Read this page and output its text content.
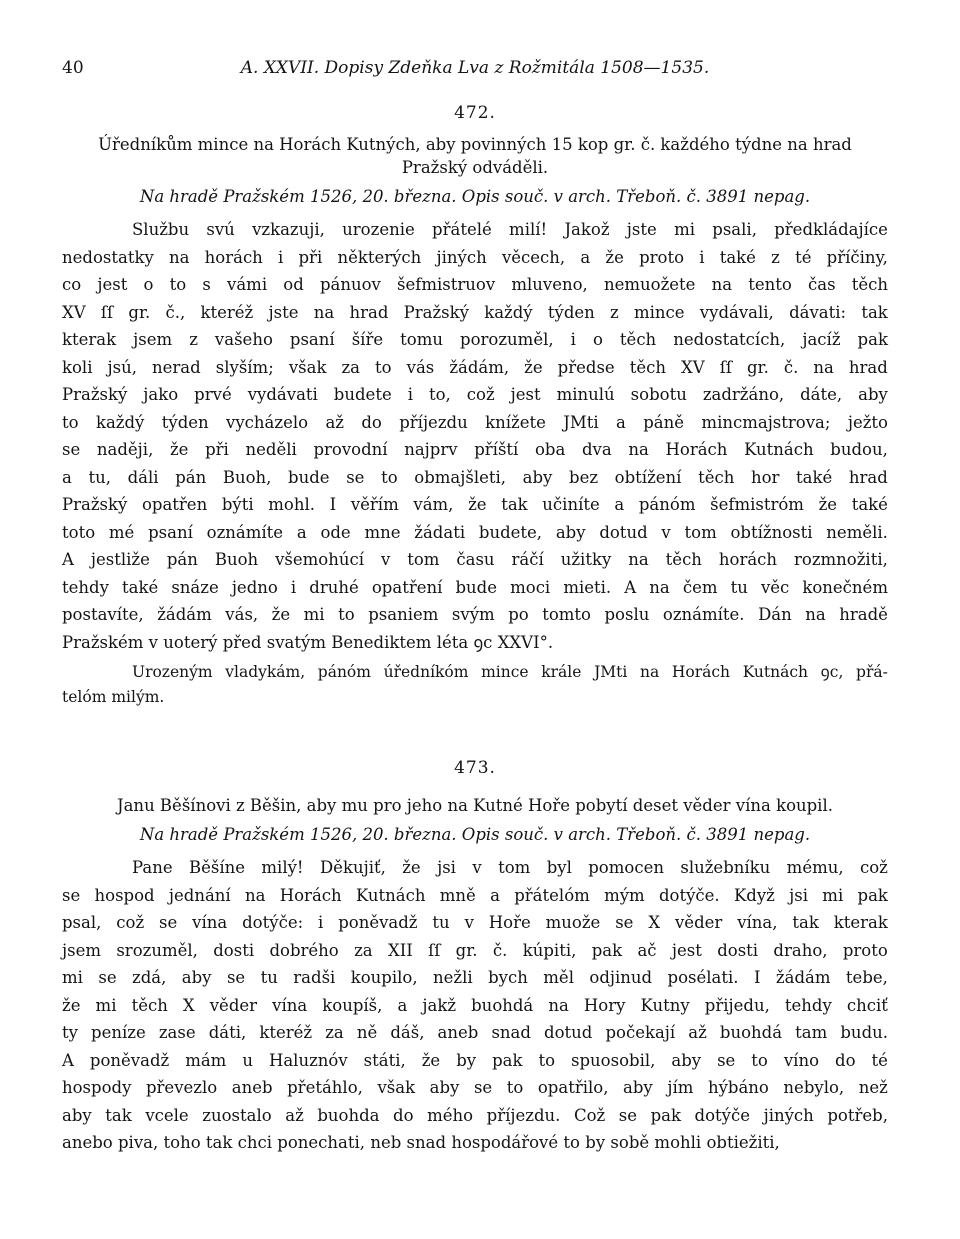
40	A. XXVII. Dopisy Zdeňka Lva z Rožmitála 1508—1535.
472.
Úředníkům mince na Horách Kutných, aby povinných 15 kop gr. č. každého týdne na hrad Pražský odváděli.
Na hradě Pražském 1526, 20. března. Opis souč. v arch. Třeboň. č. 3891 nepag.
Službu svú vzkazuji, urozenie přátelé milí! Jakož jste mi psali, předkládajíce
nedostatky na horách i při některých jiných věcech, a že proto i také z té příčiny,
co jest o to s vámi od pánuov šefmistruov mluveno, nemuožete na tento čas těch
XV ſſ gr. č., kteréž jste na hrad Pražský každý týden z mince vydávali, dávati: tak
kterak jsem z vašeho psaní šíře tomu porozuměl, i o těch nedostatcích, jacíž pak
koli jsú, nerad slyším; však za to vás žádám, že předse těch XV ſſ gr. č. na hrad
Pražský jako prvé vydávati budete i to, což jest minulú sobotu zadržáno, dáte, aby
to každý týden vycházelo až do příjezdu knížete JMti a páně mincmajstrova; ježto
se naději, že při neděli provodní najprv příští oba dva na Horách Kutnách budou,
a tu, dáli pán Buoh, bude se to obmajšleti, aby bez obtížení těch hor také hrad
Pražský opatřen býti mohl. I věřím vám, že tak učiníte a pánóm šefmistróm že také
toto mé psaní oznámíte a ode mne žádati budete, aby dotud v tom obtížnosti neměli.
A jestliže pán Buoh všemohúcí v tom času ráčí užitky na těch horách rozmnožiti,
tehdy také snáze jedno i druhé opatření bude moci mieti. A na čem tu věc konečném
postavíte, žádám vás, že mi to psaniem svým po tomto poslu oznámíte. Dán na hradě
Pražském v uoterý před svatým Benediktem léta ꝯc XXVI°.
Urozeným vladykám, pánóm úředníkóm mince krále JMti na Horách Kutnách ꝯc, přá-
telóm milým.
473.
Janu Běšínovi z Běšin, aby mu pro jeho na Kutné Hoře pobytí deset věder vína koupil.
Na hradě Pražském 1526, 20. března. Opis souč. v arch. Třeboň. č. 3891 nepag.
Pane Běšíne milý! Děkujiť, že jsi v tom byl pomocen služebníku mému, což
se hospod jednání na Horách Kutnách mně a přátelóm mým dotýče. Když jsi mi pak
psal, což se vína dotýče: i poněvadž tu v Hoře muože se X věder vína, tak kterak
jsem srozuměl, dosti dobrého za XII ſſ gr. č. kúpiti, pak ač jest dosti draho, proto
mi se zdá, aby se tu radši koupilo, nežli bych měl odjinud posélati. I žádám tebe,
že mi těch X věder vína koupíš, a jakž buohdá na Hory Kutny přijedu, tehdy chciť
ty peníze zase dáti, kteréž za ně dáš, aneb snad dotud počekají až buohdá tam budu.
A poněvadž mám u Haluznóv státi, že by pak to spuosobil, aby se to víno do té
hospody převezlo aneb přetáhlo, však aby se to opatřilo, aby jím hýbáno nebylo, než
aby tak vcele zuostalo až buohda do mého příjezdu. Což se pak dotýče jiných potřeb,
anebo piva, toho tak chci ponechati, neb snad hospodářové to by sobě mohli obtiežiti,
